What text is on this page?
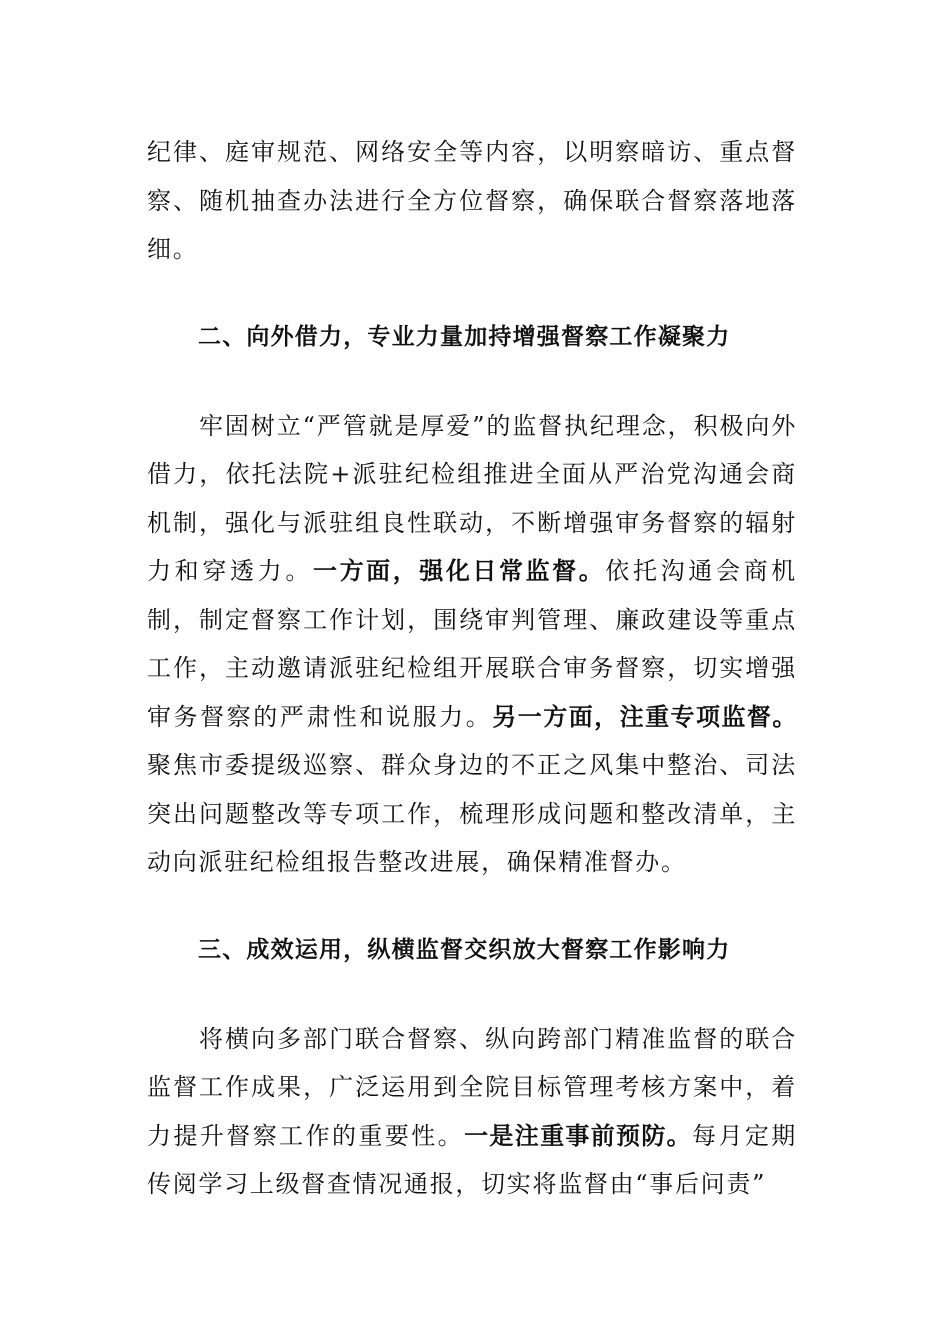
纪律、庭审规范、网络安全等内容，以明察暗访、重点督察、随机抽查办法进行全方位督察，确保联合督察落地落细。

二、向外借力，专业力量加持增强督察工作凝聚力

牢固树立“严管就是厚爱”的监督执纪理念，积极向外借力，依托法院+派驻纪检组推进全面从严治党沟通会商机制，强化与派驻组良性联动，不断增强审务督察的辐射力和穿透力。一方面，强化日常监督。依托沟通会商机制，制定督察工作计划，围绕审判管理、廉政建设等重点工作，主动邀请派驻纪检组开展联合审务督察，切实增强审务督察的严肃性和说服力。另一方面，注重专项监督。聚焦市委提级巡察、群众身边的不正之风集中整治、司法突出问题整改等专项工作，梳理形成问题和整改清单，主动向派驻纪检组报告整改进展，确保精准督办。

三、成效运用，纵横监督交织放大督察工作影响力

将横向多部门联合督察、纵向跨部门精准监督的联合监督工作成果，广泛运用到全院目标管理考核方案中，着力提升督察工作的重要性。一是注重事前预防。每月定期传阅学习上级督查情况通报，切实将监督由“事后问责”
